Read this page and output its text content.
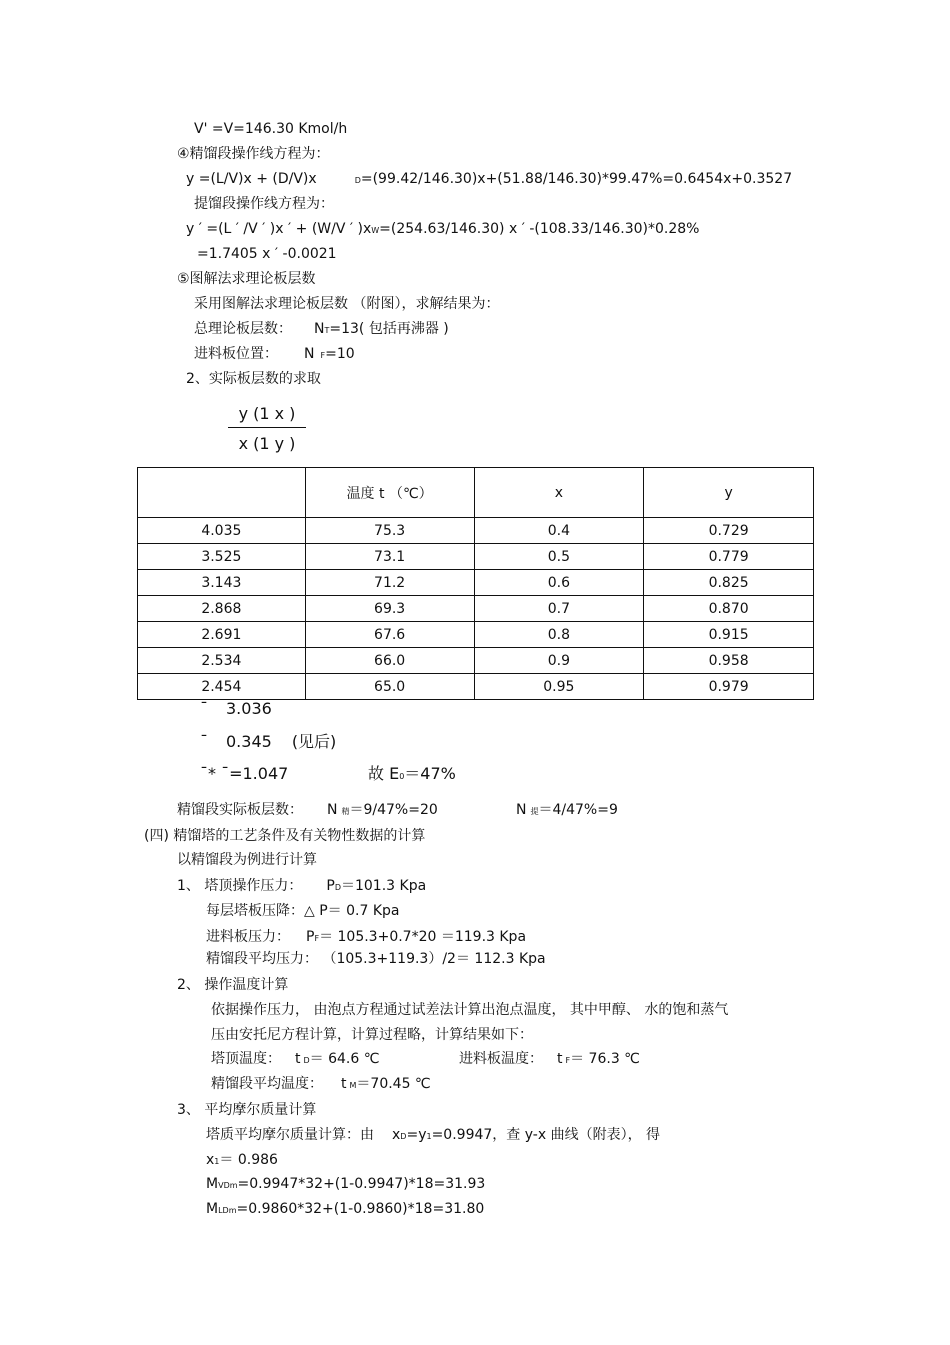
V' =V=146.30 Kmol/h
④精馏段操作线方程为：
y =(L/V)x + (D/V)x	D=(99.42/146.30)x+(51.88/146.30)*99.47%=0.6454x+0.3527
提馏段操作线方程为：
y ′ =(L ′ /V ′ )x ′ + (W/V ′ )xW=(254.63/146.30) x ′ -(108.33/146.30)*0.28%
=1.7405 x ′ -0.0021
⑤图解法求理论板层数
采用图解法求理论板层数 （附图），求解结果为：
总理论板层数： NT=13( 包括再沸器 )
进料板位置： N F=10
2、实际板层数的求取
$\frac{y (1 x )}{x (1 y )}$
	温度 t （℃）	x	y
4.035	75.3	0.4	0.729
3.525	73.1	0.5	0.779
3.143	71.2	0.6	0.825
2.868	69.3	0.7	0.870
2.691	67.6	0.8	0.915
2.534	66.0	0.9	0.958
2.454	65.0	0.95	0.979
¯ 3.036
¯ 0.345 (见后)
¯* ¯=1.047	故 E0＝47%
精馏段实际板层数： N 精＝9/47%=20	N提＝4/47%=9
(四) 精馏塔的工艺条件及有关物性数据的计算
以精馏段为例进行计算
1、 塔顶操作压力： PD＝101.3 Kpa
每层塔板压降：△ P＝ 0.7 Kpa
进料板压力： PF＝ 105.3+0.7*20 ＝119.3 Kpa
精馏段平均压力： （105.3+119.3）/2＝ 112.3 Kpa
2、 操作温度计算
依据操作压力， 由泡点方程通过试差法计算出泡点温度， 其中甲醇、 水的饱和蒸气
压由安托尼方程计算，计算过程略，计算结果如下：
塔顶温度： t D＝ 64.6 ℃	进料板温度： t F＝ 76.3 ℃
精馏段平均温度： t M＝70.45 ℃
3、 平均摩尔质量计算
塔质平均摩尔质量计算：由 xD=y1=0.9947，查 y-x 曲线（附表）， 得
x1＝ 0.986
MVDm=0.9947*32+(1-0.9947)*18=31.93
MLDm=0.9860*32+(1-0.9860)*18=31.80
